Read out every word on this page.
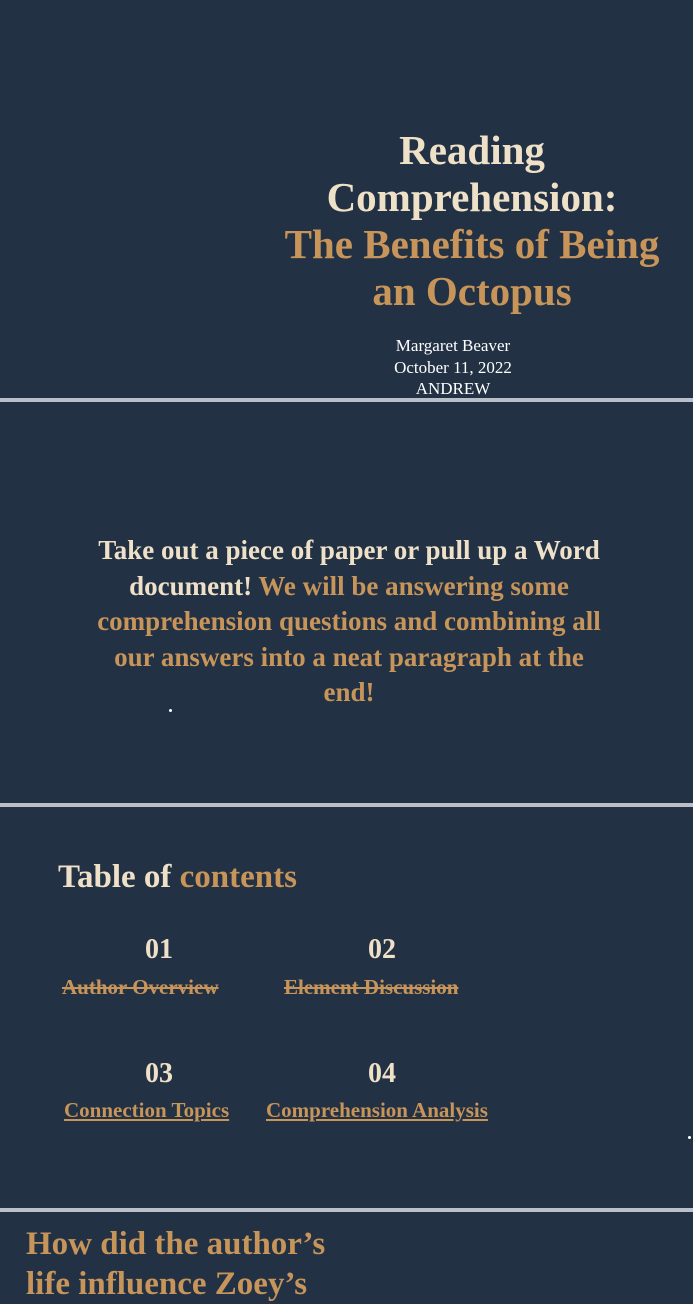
Reading
Comprehension:
The Benefits of Being
an Octopus
Margaret Beaver
October 11, 2022
ANDREW

Take out a piece of paper or pull up a Word document! We will be answering some comprehension questions and combining all our answers into a neat paragraph at the end!

Table of contents
01
Author Overview
02
Element Discussion
03
Connection Topics
04
Comprehension Analysis
How did the author’s
life influence Zoey’s
